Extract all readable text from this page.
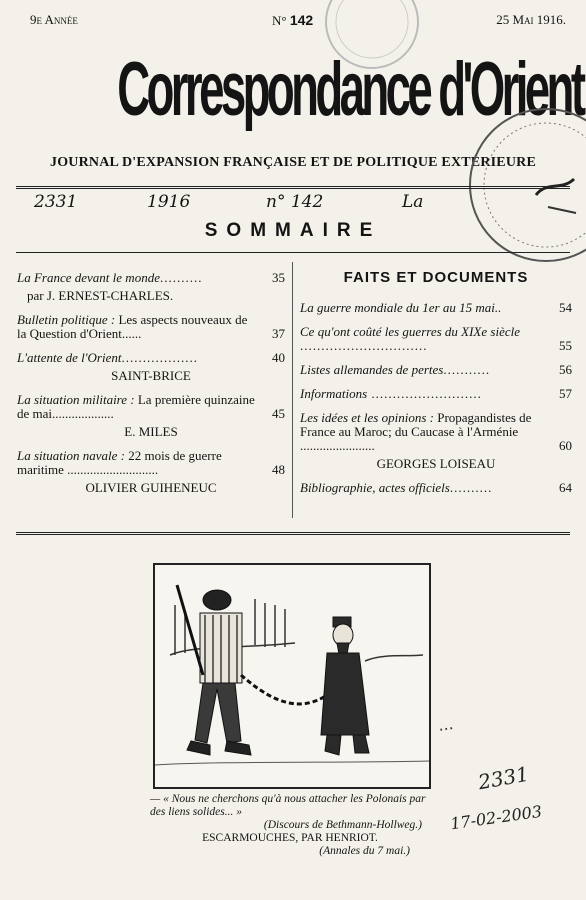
9e Année	N° 142	25 Mai 1916.
Correspondance d'Orient
JOURNAL D'EXPANSION FRANÇAISE ET DE POLITIQUE EXTÉRIEURE
2331	1916	n° 142	La
SOMMAIRE
La France devant le monde..........	35
par J. ERNEST-CHARLES.
Bulletin politique : Les aspects nouveaux de la Question d'Orient......	37
L'attente de l'Orient..................	40
SAINT-BRICE
La situation militaire : La première quinzaine de mai...................	45
E. MILES
La situation navale : 22 mois de guerre maritime ............................	48
OLIVIER GUIHENEUC
FAITS ET DOCUMENTS
La guerre mondiale du 1er au 15 mai..	54
Ce qu'ont coûté les guerres du XIXe siècle ..............................	55
Listes allemandes de pertes...........	56
Informations ..........................	57
Les idées et les opinions : Propagandistes de France au Maroc; du Caucase à l'Arménie .......................	60
GEORGES LOISEAU
Bibliographie, actes officiels..........	64
— « Nous ne cherchons qu'à nous attacher les Polonais par des liens solides... »
(Discours de Bethmann-Hollweg.)
ESCARMOUCHES, PAR HENRIOT.
(Annales du 7 mai.)
...
2331
17-02-2003
